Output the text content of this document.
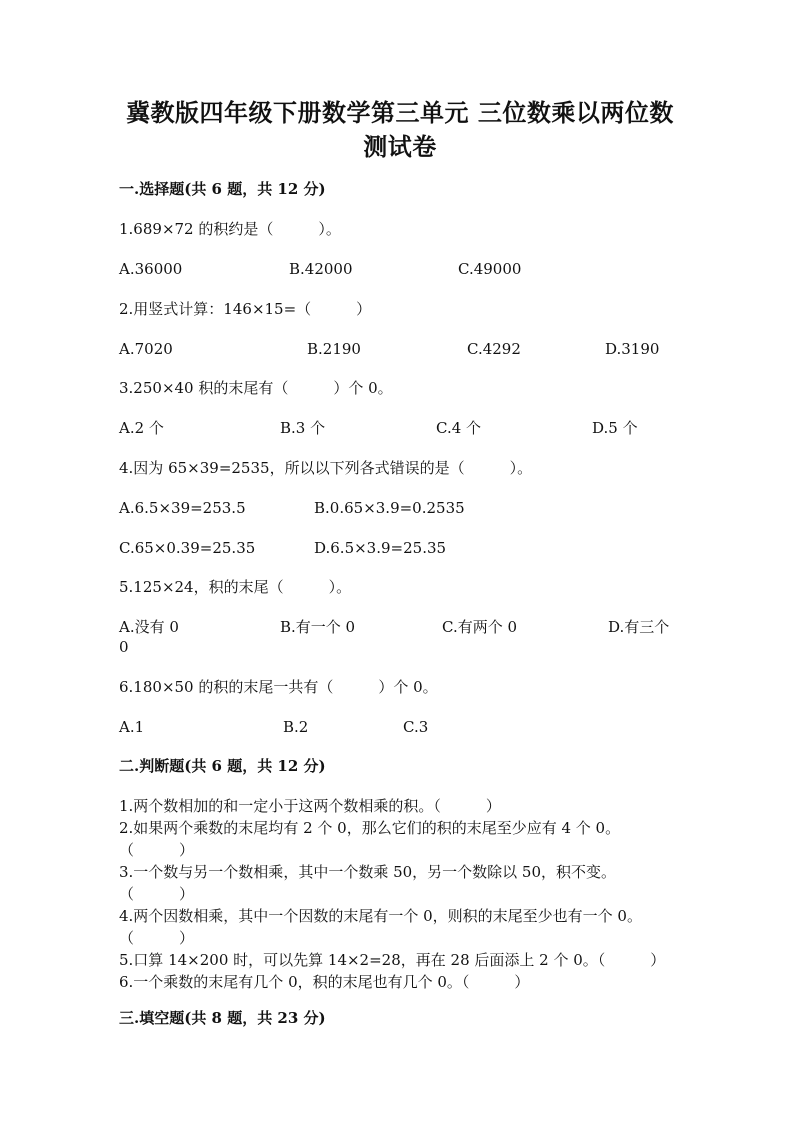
冀教版四年级下册数学第三单元 三位数乘以两位数
测试卷
一.选择题(共 6 题，共 12 分)
1.689×72 的积约是（　　　）。
A.36000	B.42000	C.49000
2.用竖式计算：146×15=（　　　）
A.7020	B.2190	C.4292	D.3190
3.250×40 积的末尾有（　　　）个 0。
A.2 个	B.3 个	C.4 个	D.5 个
4.因为 65×39=2535，所以以下列各式错误的是（　　　）。
A.6.5×39=253.5	B.0.65×3.9=0.2535
C.65×0.39=25.35	D.6.5×3.9=25.35
5.125×24，积的末尾（　　　）。
A.没有 0	B.有一个 0	C.有两个 0	D.有三个
0
6.180×50 的积的末尾一共有（　　　）个 0。
A.1	B.2	C.3
二.判断题(共 6 题，共 12 分)
1.两个数相加的和一定小于这两个数相乘的积。（　　　）
2.如果两个乘数的末尾均有 2 个 0，那么它们的积的末尾至少应有 4 个 0。
（　　　）
3.一个数与另一个数相乘，其中一个数乘 50，另一个数除以 50，积不变。
（　　　）
4.两个因数相乘，其中一个因数的末尾有一个 0，则积的末尾至少也有一个 0。
（　　　）
5.口算 14×200 时，可以先算 14×2=28，再在 28 后面添上 2 个 0。（　　　）
6.一个乘数的末尾有几个 0，积的末尾也有几个 0。（　　　）
三.填空题(共 8 题，共 23 分)
